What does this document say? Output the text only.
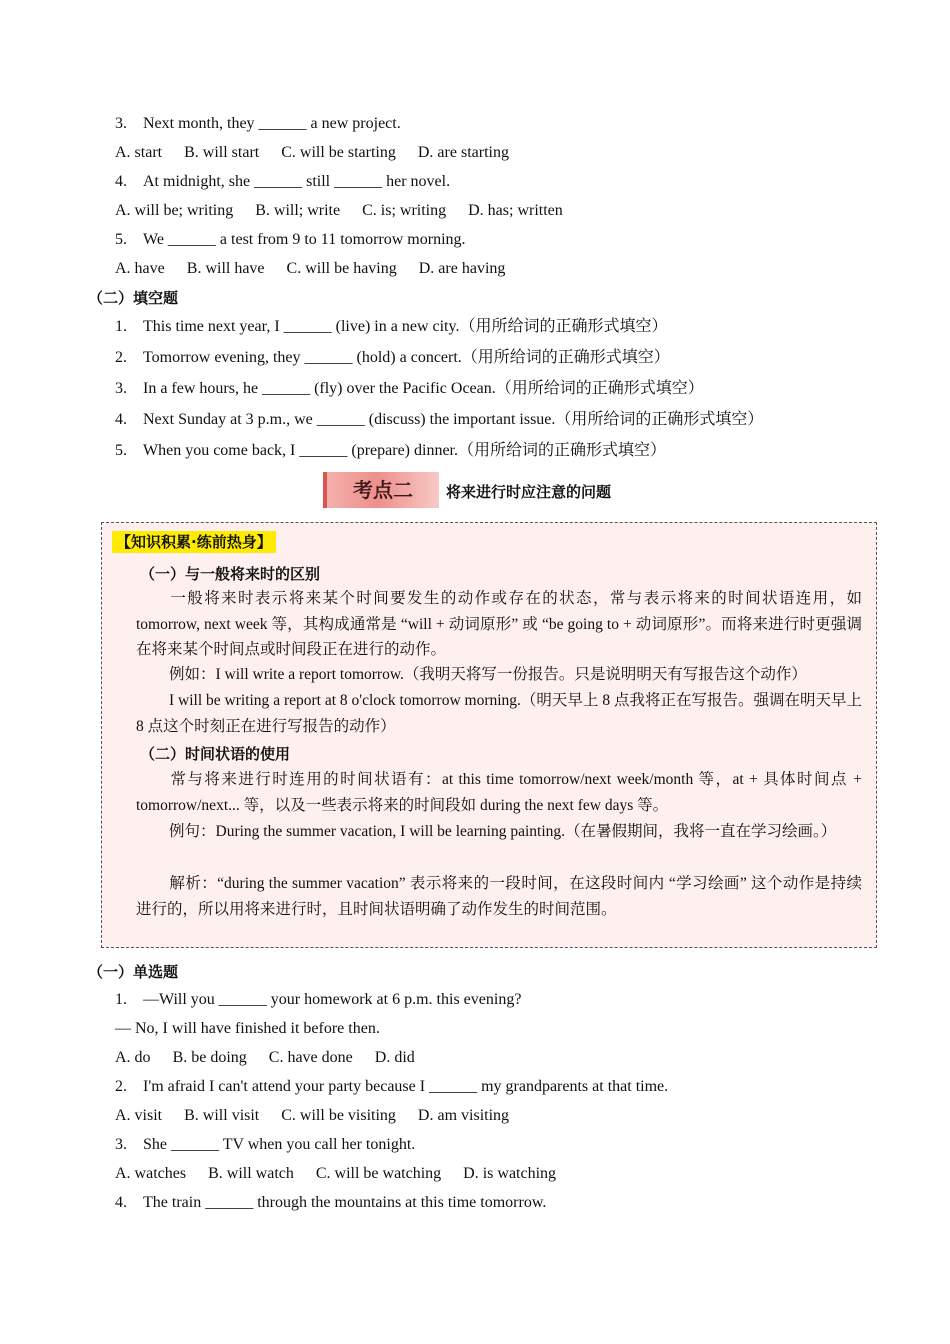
3. Next month, they ______ a new project.
A. start B. will start C. will be starting D. are starting
4. At midnight, she ______ still ______ her novel.
A. will be; writing B. will; write C. is; writing D. has; written
5. We ______ a test from 9 to 11 tomorrow morning.
A. have B. will have C. will be having D. are having
（二）填空题
1. This time next year, I ______ (live) in a new city.（用所给词的正确形式填空）
2. Tomorrow evening, they ______ (hold) a concert.（用所给词的正确形式填空）
3. In a few hours, he ______ (fly) over the Pacific Ocean.（用所给词的正确形式填空）
4. Next Sunday at 3 p.m., we ______ (discuss) the important issue.（用所给词的正确形式填空）
5. When you come back, I ______ (prepare) dinner.（用所给词的正确形式填空）
考点二	将来进行时应注意的问题
【知识积累·练前热身】
（一）与一般将来时的区别
一般将来时表示将来某个时间要发生的动作或存在的状态，常与表示将来的时间状语连用，如 tomorrow, next week 等，其构成通常是 “will + 动词原形” 或 “be going to + 动词原形”。而将来进行时更强调在将来某个时间点或时间段正在进行的动作。
例如：I will write a report tomorrow.（我明天将写一份报告。只是说明明天有写报告这个动作）
I will be writing a report at 8 o'clock tomorrow morning.（明天早上 8 点我将正在写报告。强调在明天早上 8 点这个时刻正在进行写报告的动作）
（二）时间状语的使用
常与将来进行时连用的时间状语有：at this time tomorrow/next week/month 等，at + 具体时间点 + tomorrow/next... 等，以及一些表示将来的时间段如 during the next few days 等。
例句：During the summer vacation, I will be learning painting.（在暑假期间，我将一直在学习绘画。）
解析：“during the summer vacation” 表示将来的一段时间，在这段时间内 “学习绘画” 这个动作是持续进行的，所以用将来进行时，且时间状语明确了动作发生的时间范围。
（一）单选题
1. —Will you ______ your homework at 6 p.m. this evening?
— No, I will have finished it before then.
A. do B. be doing C. have done D. did
2. I'm afraid I can't attend your party because I ______ my grandparents at that time.
A. visit B. will visit C. will be visiting D. am visiting
3. She ______ TV when you call her tonight.
A. watches B. will watch C. will be watching D. is watching
4. The train ______ through the mountains at this time tomorrow.
